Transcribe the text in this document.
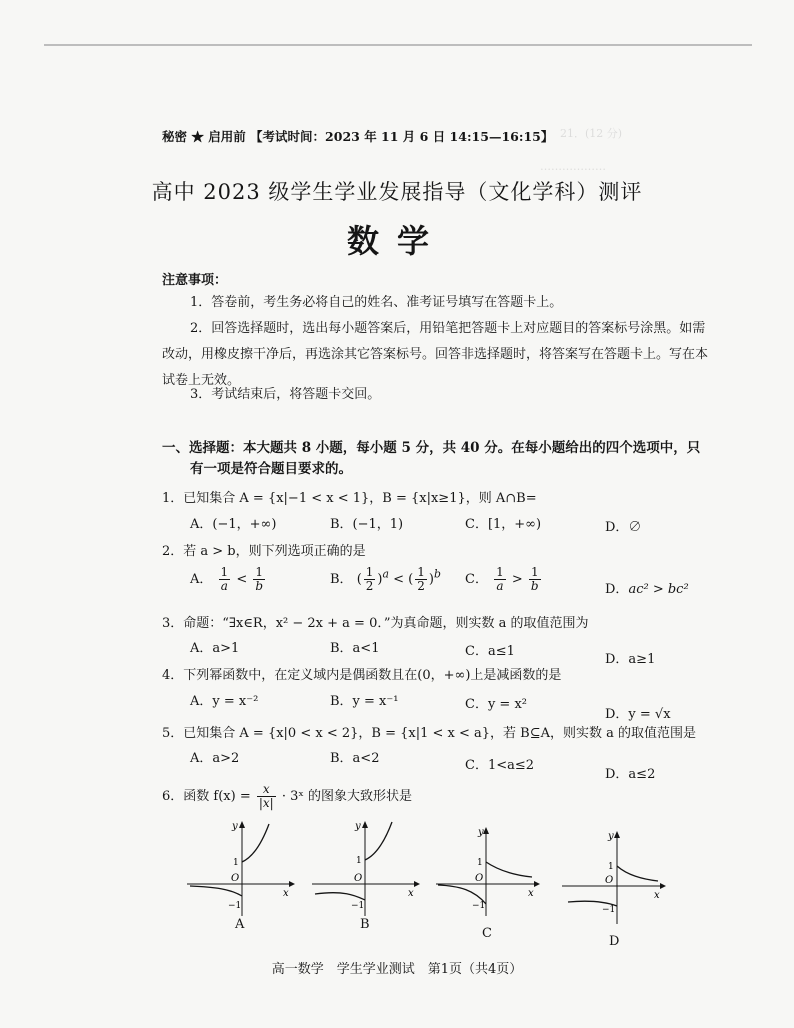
21．(12 分)
………………
秘密 ★ 启用前 【考试时间：2023 年 11 月 6 日 14:15—16:15】
高中 2023 级学生学业发展指导（文化学科）测评
数学
注意事项：
1．答卷前，考生务必将自己的姓名、准考证号填写在答题卡上。
2．回答选择题时，选出每小题答案后，用铅笔把答题卡上对应题目的答案标号涂黑。如需改动，用橡皮擦干净后，再选涂其它答案标号。回答非选择题时，将答案写在答题卡上。写在本试卷上无效。
3．考试结束后，将答题卡交回。
一、选择题：本大题共 8 小题，每小题 5 分，共 40 分。在每小题给出的四个选项中，只
有一项是符合题目要求的。
1．已知集合 A = {x|−1 < x < 1}，B = {x|x≥1}，则 A∩B=
A．(−1，+∞)	B．(−1，1)	C．[1，+∞)	D．∅
2．若 a > b，则下列选项正确的是
A． $\frac{1}{a} < \frac{1}{b}$	B． ( $\frac{1}{2} )^a$ < ( $\frac{1}{2} )^b$ C． $\frac{1}{a} > \frac{1}{b}$	D．ac² > bc²
3．命题：“∃x∈R，x² − 2x + a = 0．”为真命题，则实数 a 的取值范围为
A．a>1	B．a<1	C．a≤1
D．a≥1
4．下列幂函数中，在定义域内是偶函数且在(0，+∞)上是减函数的是
A．y = x⁻²	B．y = x⁻¹	C．y = x²
D．y = √x
5．已知集合 A = {x|0 < x < 2}，B = {x|1 < x < a}，若 B⊆A，则实数 a 的取值范围是
A．a>2	B．a<2	C．1<a≤2
D．a≤2
6．函数 $f(x) = \frac{x}{|x|}$ · 3ˣ 的图象大致形状是
y
x
O
1
−1
A
y
x
O
1
−1
B
y
x
O
1
−1
C
y
x
O
1
−1
D
高一数学　学生学业测试　第1页（共4页）
